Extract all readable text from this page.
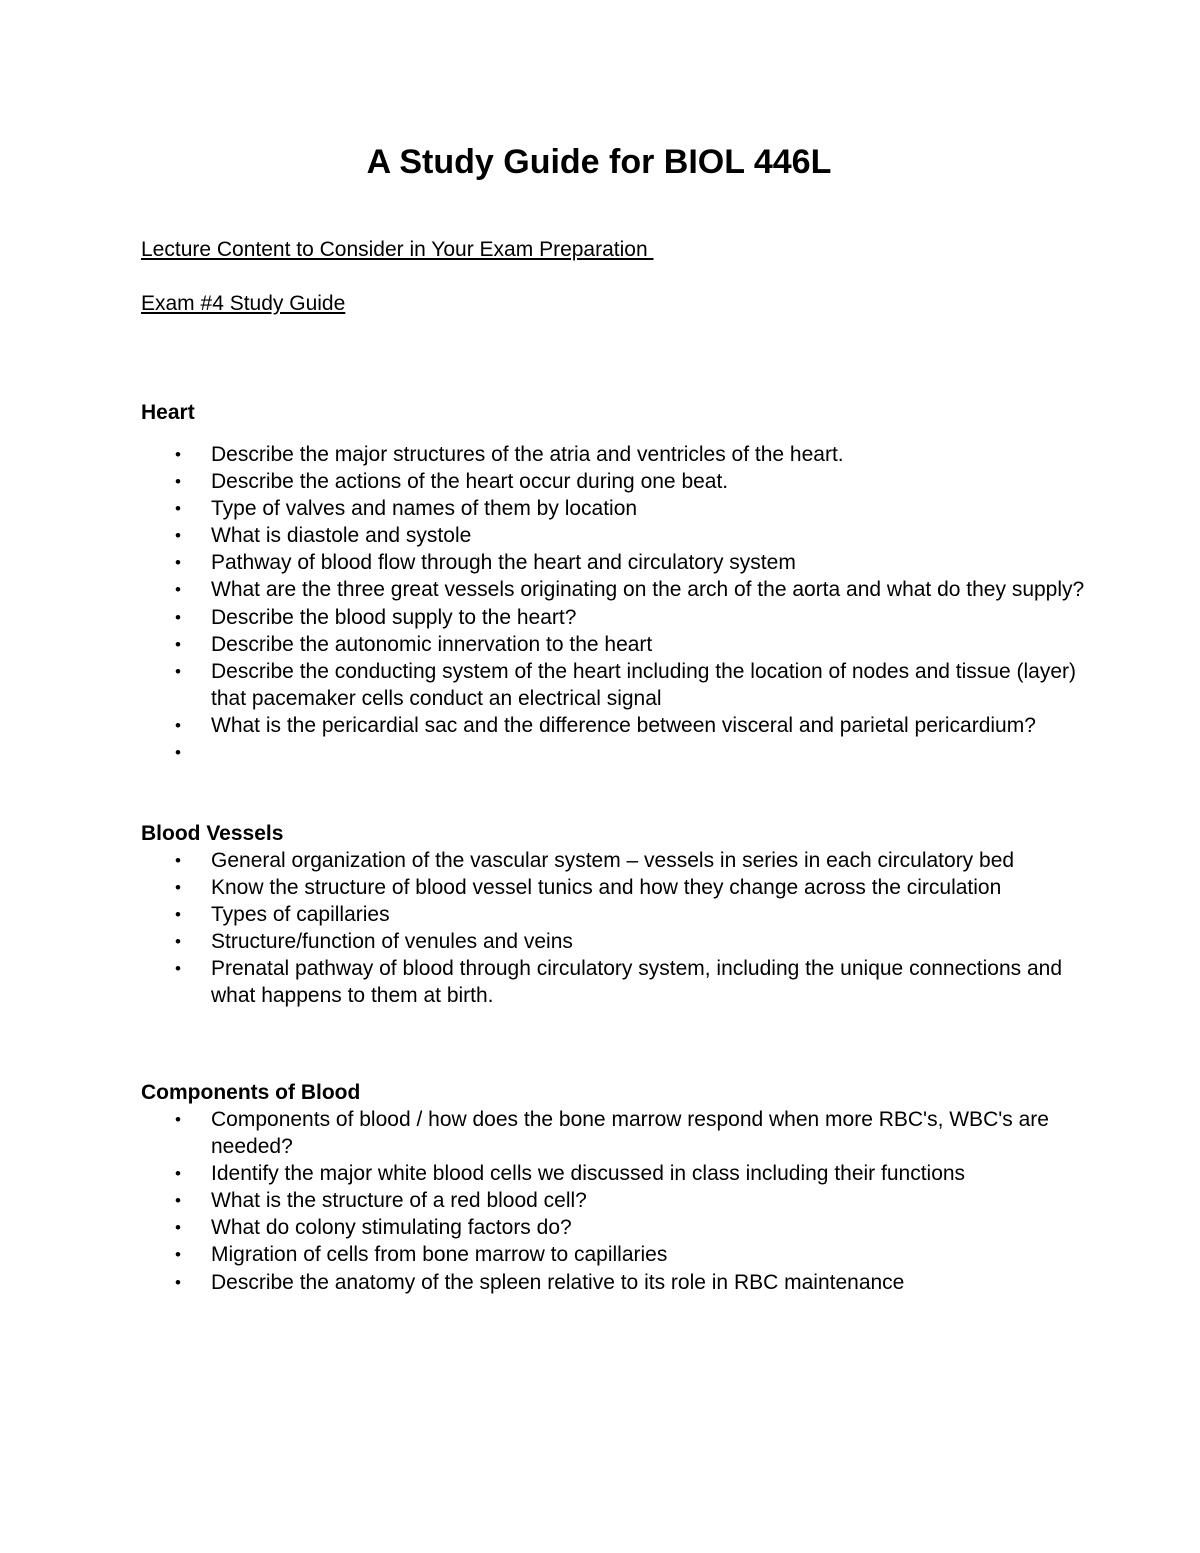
A Study Guide for BIOL 446L

Lecture Content to Consider in Your Exam Preparation

Exam #4 Study Guide

Heart
• Describe the major structures of the atria and ventricles of the heart.
• Describe the actions of the heart occur during one beat.
• Type of valves and names of them by location
• What is diastole and systole
• Pathway of blood flow through the heart and circulatory system
• What are the three great vessels originating on the arch of the aorta and what do they supply?
• Describe the blood supply to the heart?
• Describe the autonomic innervation to the heart
• Describe the conducting system of the heart including the location of nodes and tissue (layer) that pacemaker cells conduct an electrical signal
• What is the pericardial sac and the difference between visceral and parietal pericardium?
•

Blood Vessels
• General organization of the vascular system – vessels in series in each circulatory bed
• Know the structure of blood vessel tunics and how they change across the circulation
• Types of capillaries
• Structure/function of venules and veins
• Prenatal pathway of blood through circulatory system, including the unique connections and what happens to them at birth.
Components of Blood
• Components of blood / how does the bone marrow respond when more RBC's, WBC's are needed?
• Identify the major white blood cells we discussed in class including their functions
• What is the structure of a red blood cell?
• What do colony stimulating factors do?
• Migration of cells from bone marrow to capillaries
• Describe the anatomy of the spleen relative to its role in RBC maintenance
